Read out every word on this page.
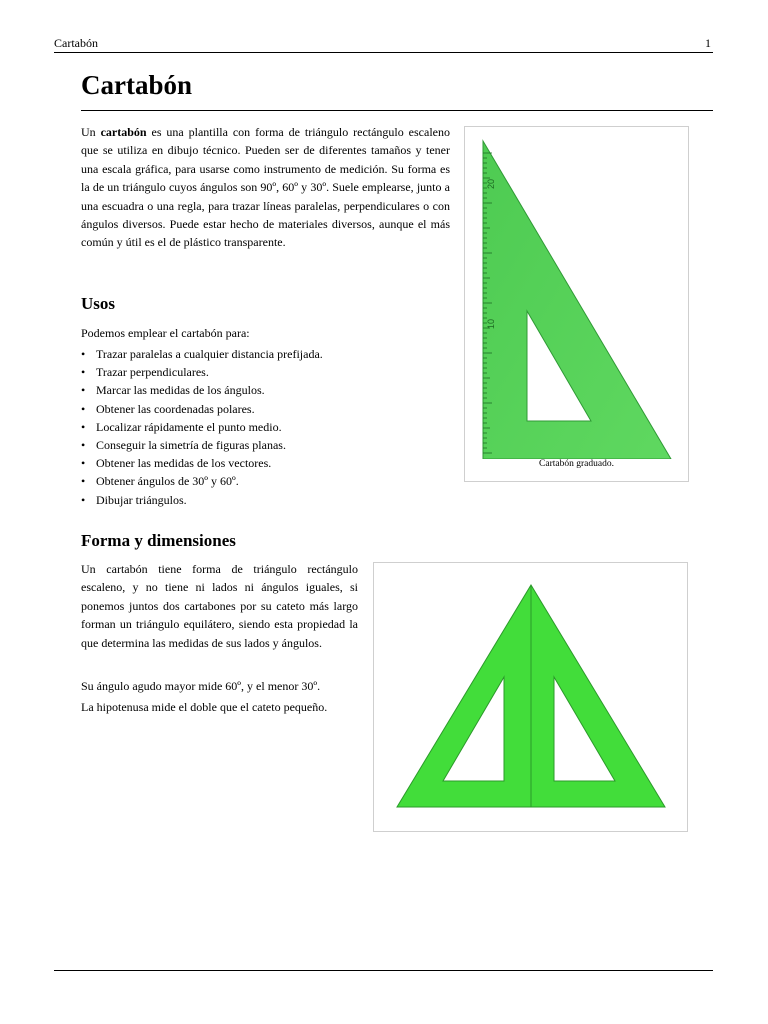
Cartabón	1
Cartabón

Un cartabón es una plantilla con forma de triángulo rectángulo escaleno que se utiliza en dibujo técnico. Pueden ser de diferentes tamaños y tener una escala gráfica, para usarse como instrumento de medición. Su forma es la de un triángulo cuyos ángulos son 90º, 60º y 30º. Suele emplearse, junto a una escuadra o una regla, para trazar líneas paralelas, perpendiculares o con ángulos diversos. Puede estar hecho de materiales diversos, aunque el más común y útil es el de plástico transparente.

20
10
Cartabón graduado.
Usos

Podemos emplear el cartabón para:

• Trazar paralelas a cualquier distancia prefijada.
• Trazar perpendiculares.
• Marcar las medidas de los ángulos.
• Obtener las coordenadas polares.
• Localizar rápidamente el punto medio.
• Conseguir la simetría de figuras planas.
• Obtener las medidas de los vectores.
• Obtener ángulos de 30º y 60º.
• Dibujar triángulos.
Forma y dimensiones

Un cartabón tiene forma de triángulo rectángulo escaleno, y no tiene ni lados ni ángulos iguales, si ponemos juntos dos cartabones por su cateto más largo forman un triángulo equilátero, siendo esta propiedad la que determina las medidas de sus lados y ángulos.

Su ángulo agudo mayor mide 60º, y el menor 30º.

La hipotenusa mide el doble que el cateto pequeño.
